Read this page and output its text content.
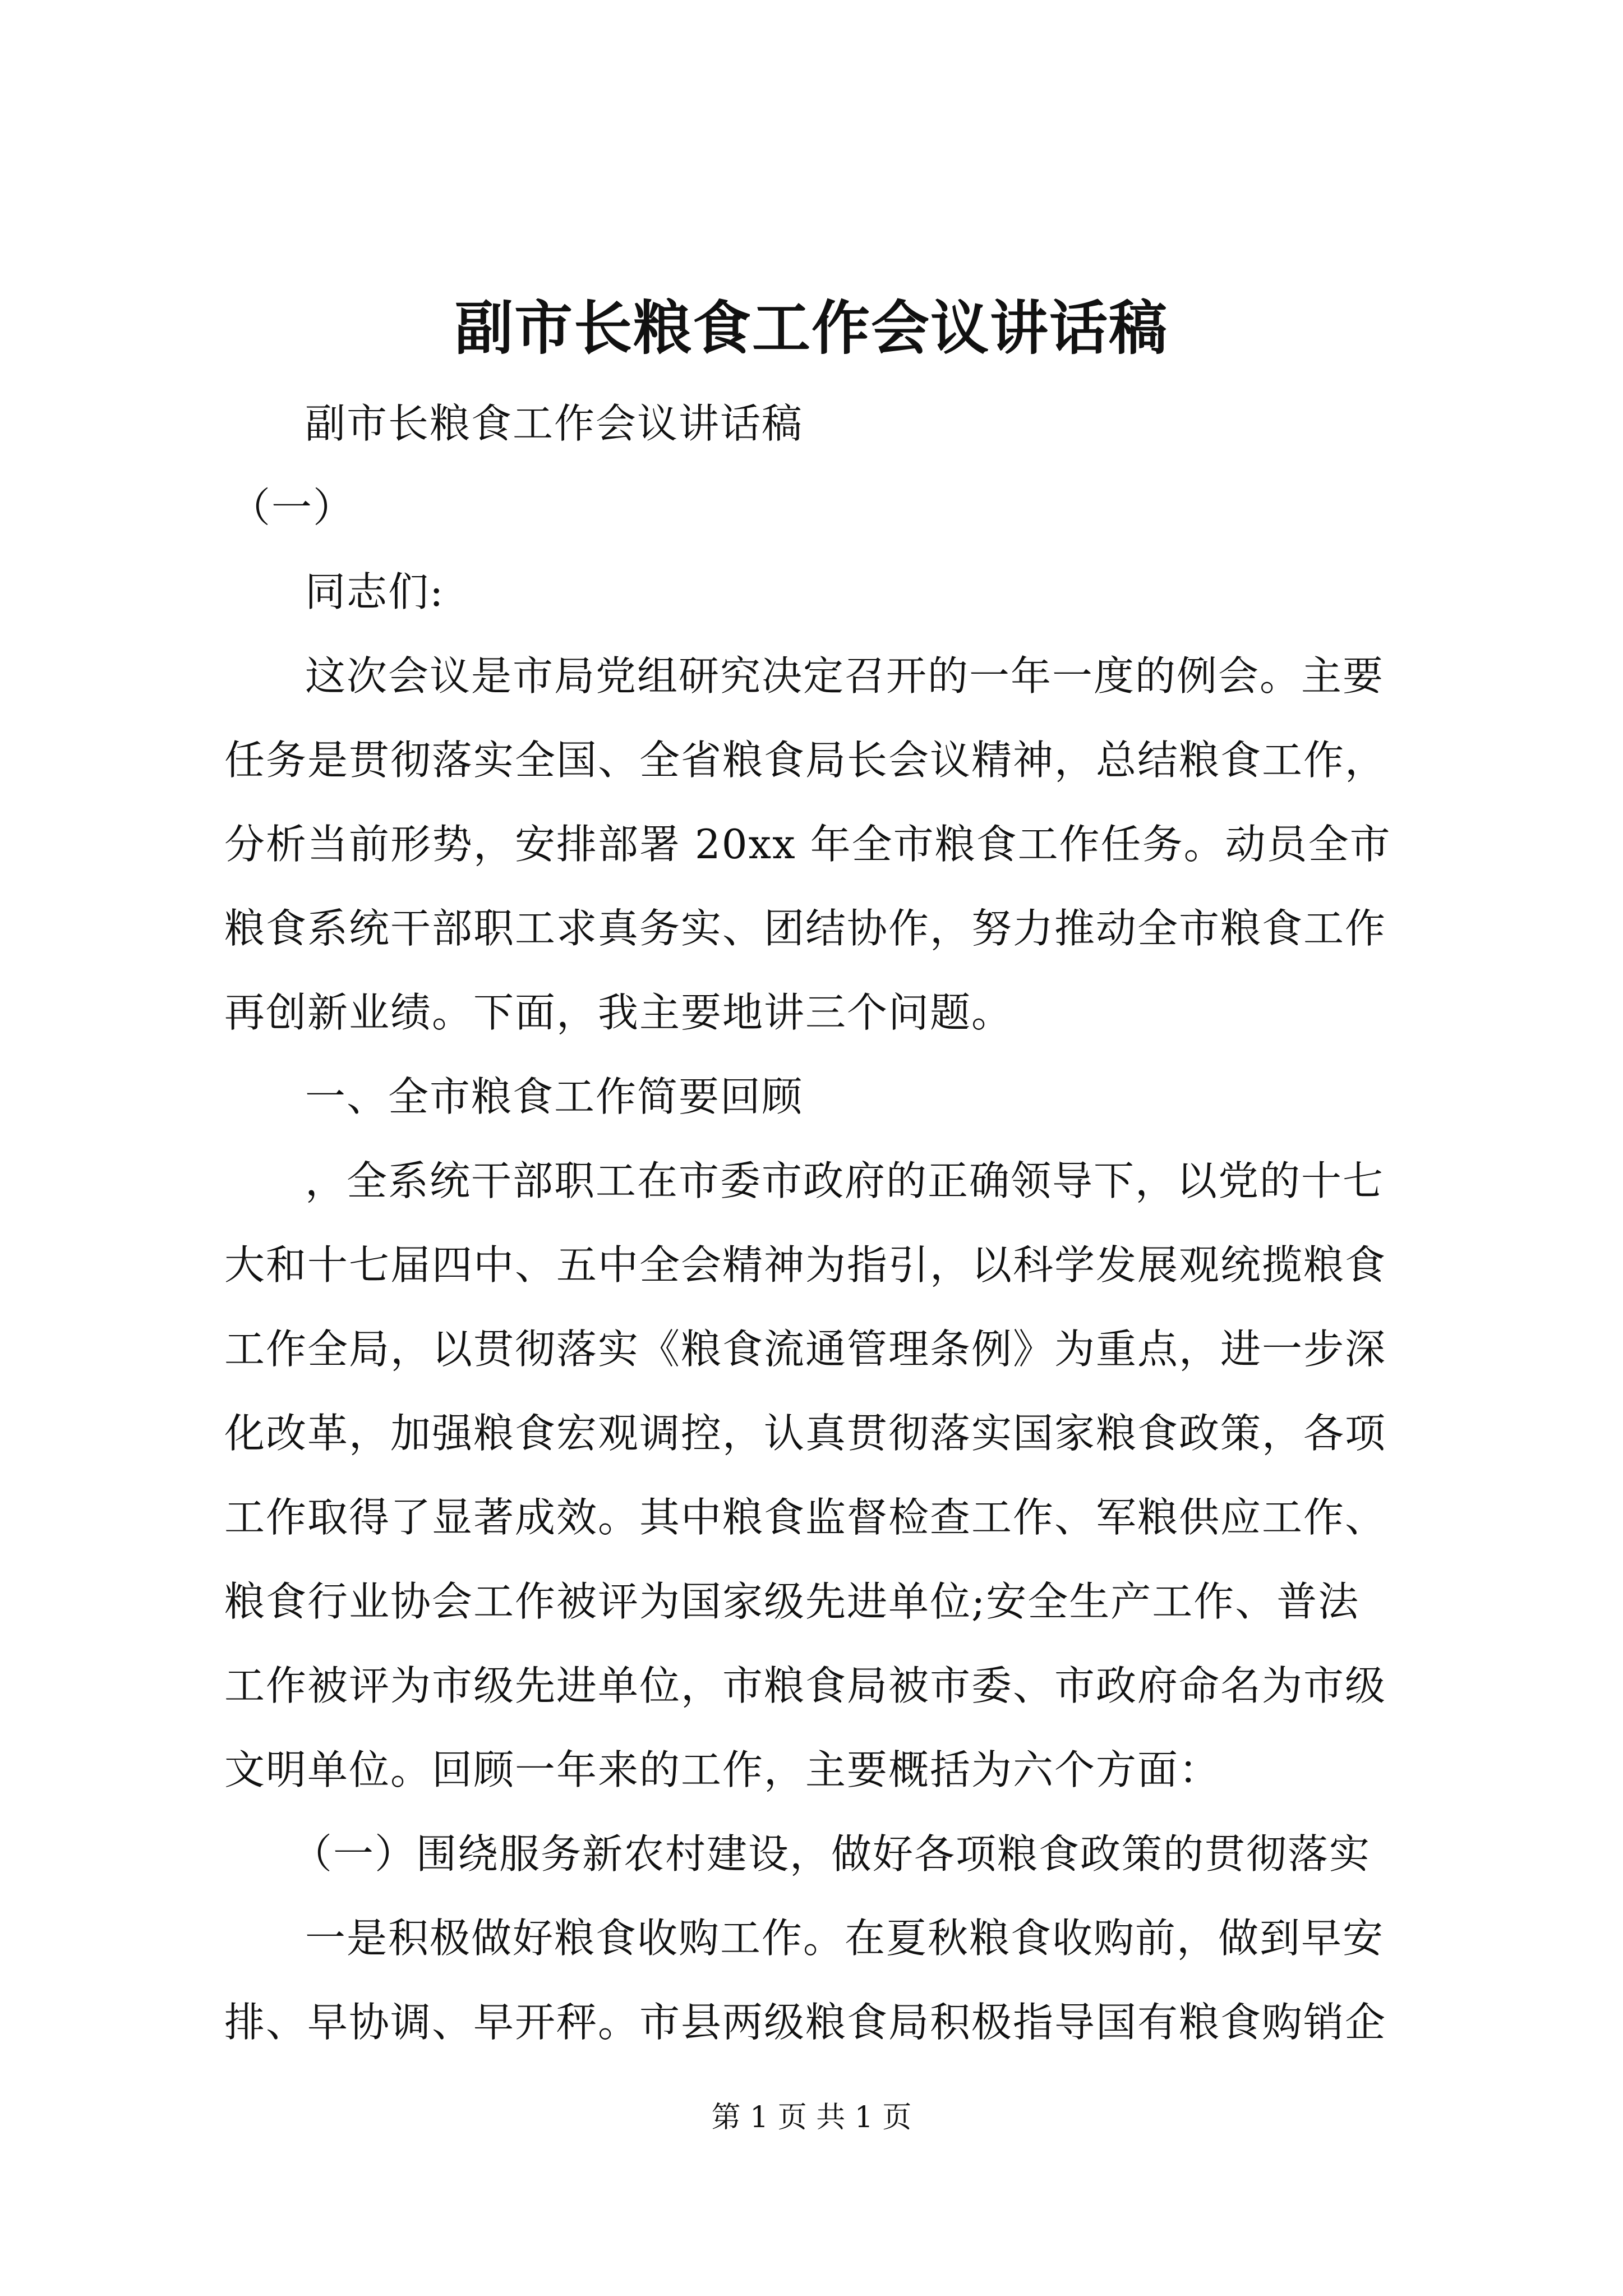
副市长粮食工作会议讲话稿

副市长粮食工作会议讲话稿

（一）

同志们:

这次会议是市局党组研究决定召开的一年一度的例会。主要
任务是贯彻落实全国、全省粮食局长会议精神，总结粮食工作，
分析当前形势，安排部署 20xx 年全市粮食工作任务。动员全市
粮食系统干部职工求真务实、团结协作，努力推动全市粮食工作
再创新业绩。下面，我主要地讲三个问题。

一、全市粮食工作简要回顾

，全系统干部职工在市委市政府的正确领导下，以党的十七
大和十七届四中、五中全会精神为指引，以科学发展观统揽粮食
工作全局，以贯彻落实《粮食流通管理条例》为重点，进一步深
化改革，加强粮食宏观调控，认真贯彻落实国家粮食政策，各项
工作取得了显著成效。其中粮食监督检查工作、军粮供应工作、
粮食行业协会工作被评为国家级先进单位;安全生产工作、普法
工作被评为市级先进单位，市粮食局被市委、市政府命名为市级
文明单位。回顾一年来的工作，主要概括为六个方面：

（一）围绕服务新农村建设，做好各项粮食政策的贯彻落实

一是积极做好粮食收购工作。在夏秋粮食收购前，做到早安
排、早协调、早开秤。市县两级粮食局积极指导国有粮食购销企

第 1 页 共 1 页
